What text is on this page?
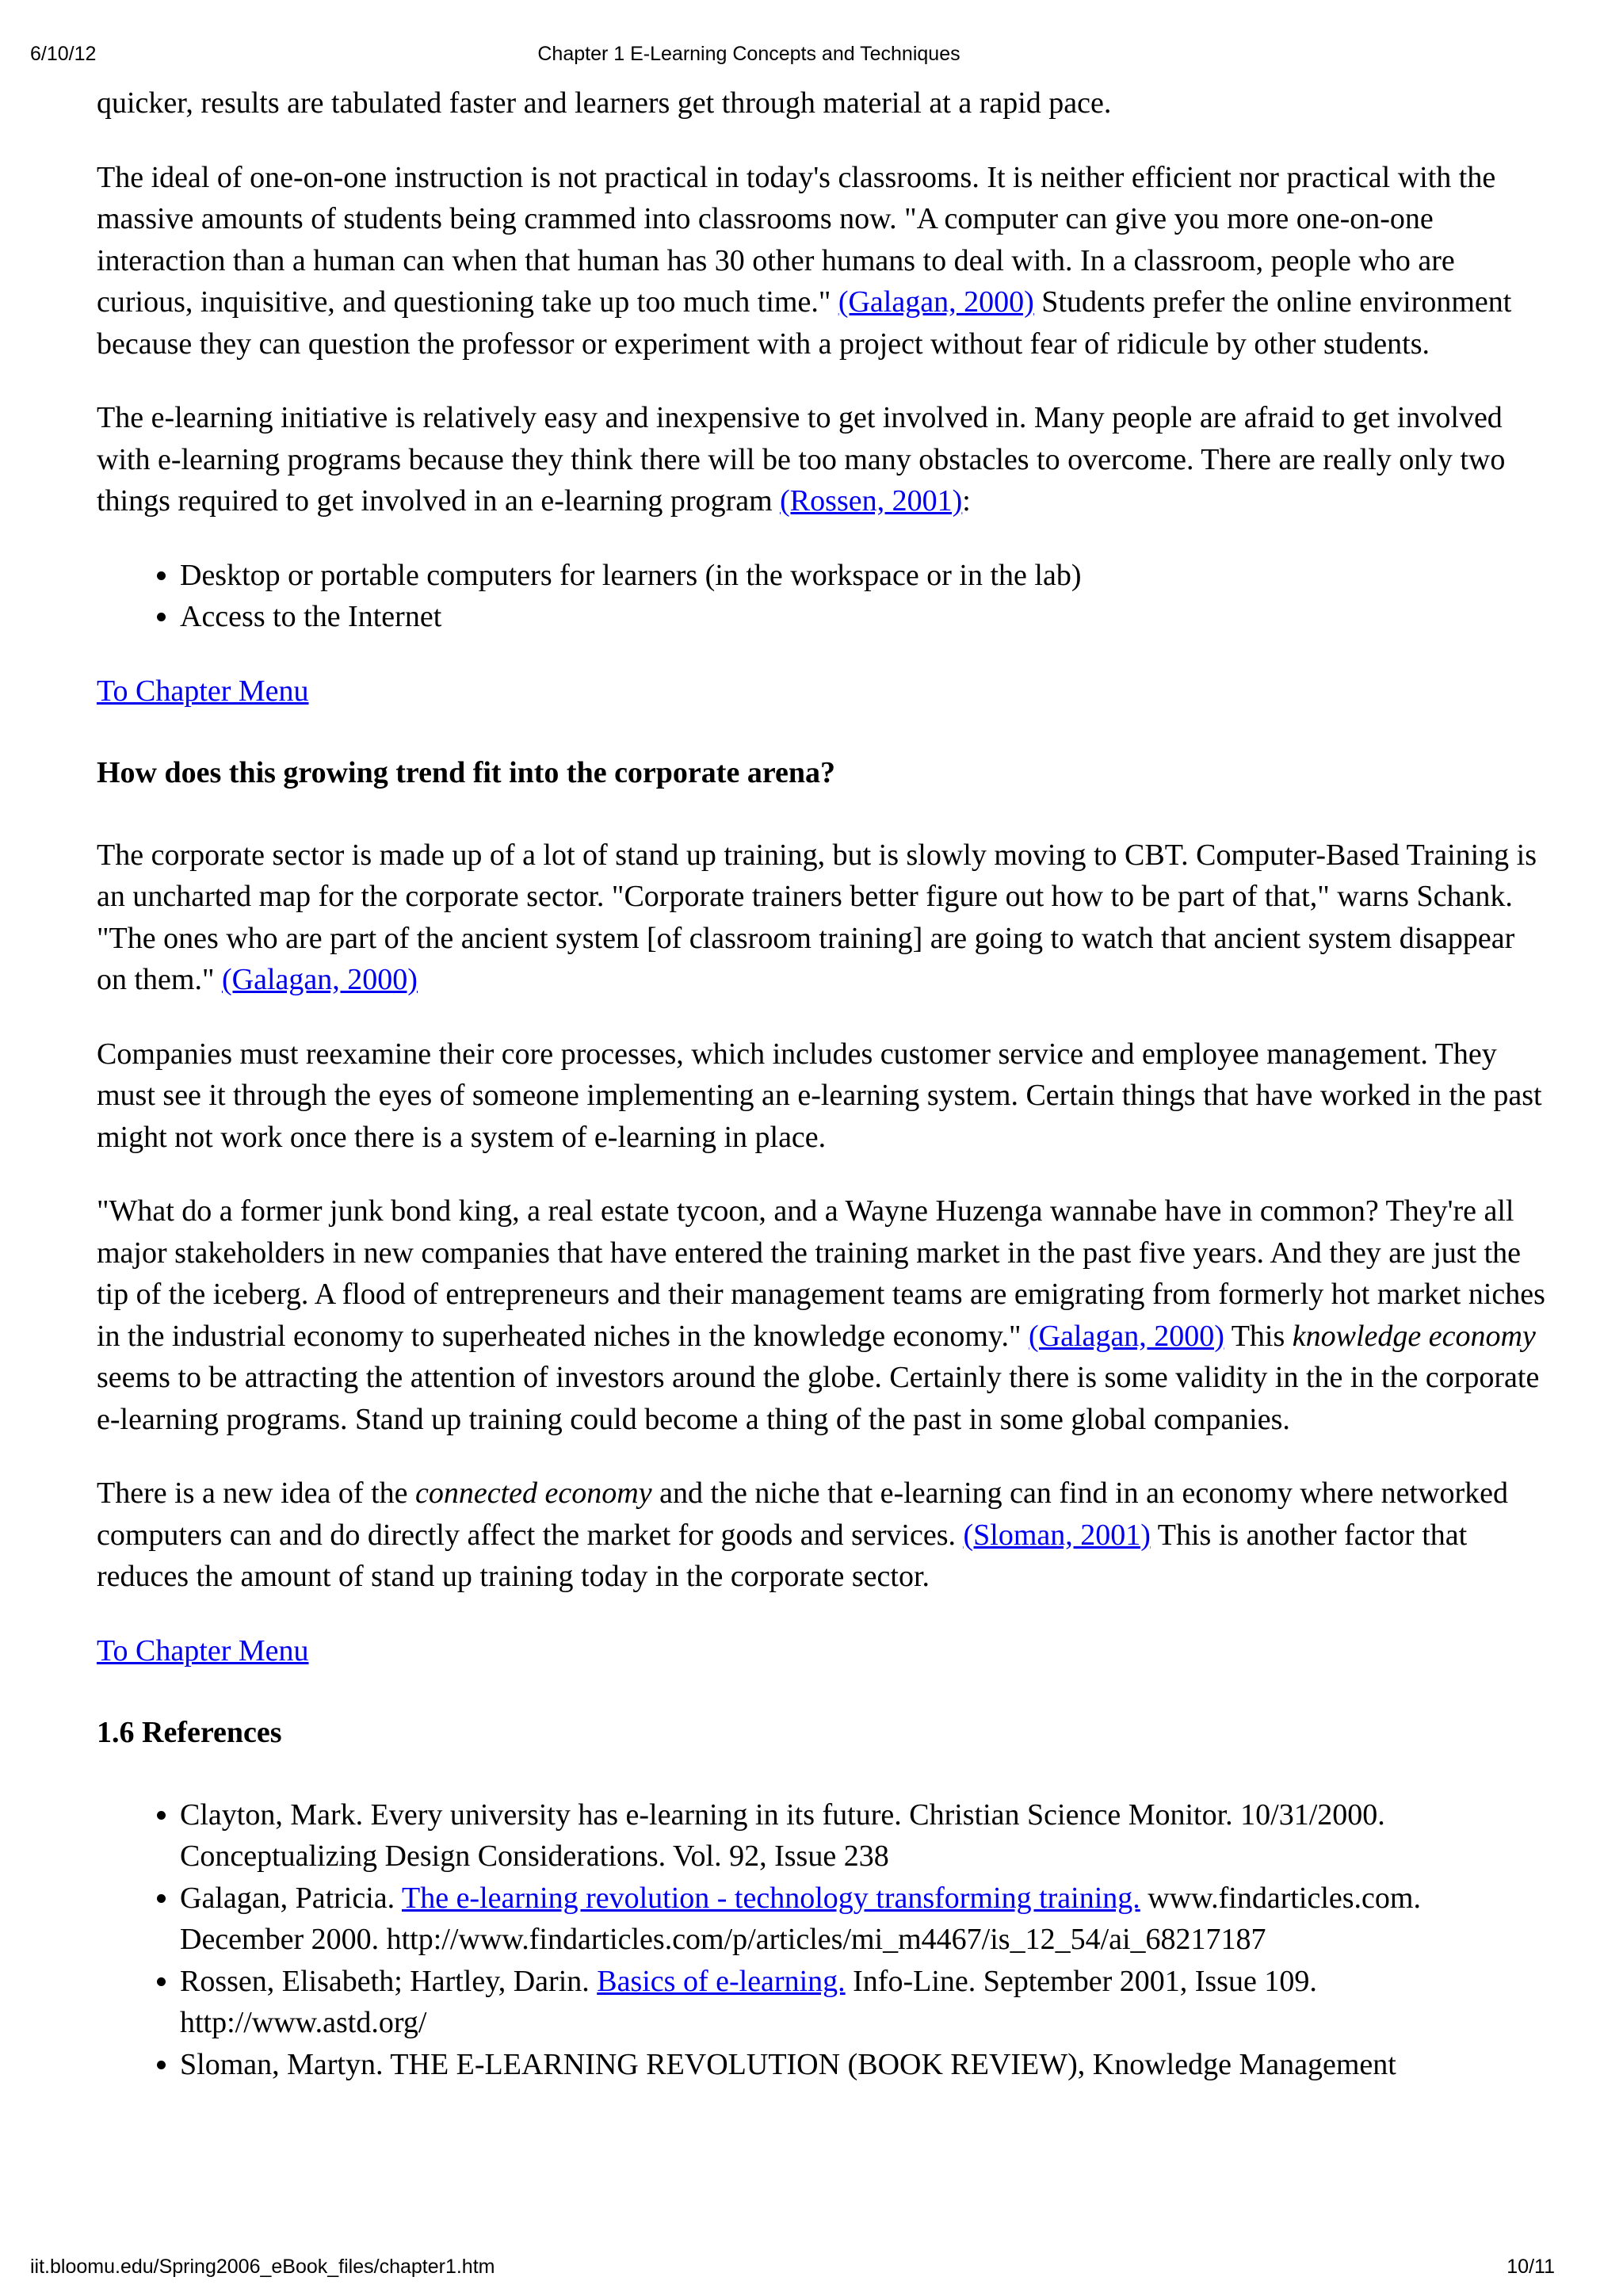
6/10/12	Chapter 1 E-Learning Concepts and Techniques

quicker, results are tabulated faster and learners get through material at a rapid pace.

The ideal of one-on-one instruction is not practical in today's classrooms. It is neither efficient nor practical with the massive amounts of students being crammed into classrooms now. "A computer can give you more one-on-one interaction than a human can when that human has 30 other humans to deal with. In a classroom, people who are curious, inquisitive, and questioning take up too much time." (Galagan, 2000) Students prefer the online environment because they can question the professor or experiment with a project without fear of ridicule by other students.

The e-learning initiative is relatively easy and inexpensive to get involved in. Many people are afraid to get involved with e-learning programs because they think there will be too many obstacles to overcome. There are really only two things required to get involved in an e-learning program (Rossen, 2001):

• Desktop or portable computers for learners (in the workspace or in the lab)
• Access to the Internet
To Chapter Menu
How does this growing trend fit into the corporate arena?

The corporate sector is made up of a lot of stand up training, but is slowly moving to CBT. Computer-Based Training is an uncharted map for the corporate sector. "Corporate trainers better figure out how to be part of that," warns Schank. "The ones who are part of the ancient system [of classroom training] are going to watch that ancient system disappear on them." (Galagan, 2000)

Companies must reexamine their core processes, which includes customer service and employee management. They must see it through the eyes of someone implementing an e-learning system. Certain things that have worked in the past might not work once there is a system of e-learning in place.

"What do a former junk bond king, a real estate tycoon, and a Wayne Huzenga wannabe have in common? They're all major stakeholders in new companies that have entered the training market in the past five years. And they are just the tip of the iceberg. A flood of entrepreneurs and their management teams are emigrating from formerly hot market niches in the industrial economy to superheated niches in the knowledge economy." (Galagan, 2000) This knowledge economy seems to be attracting the attention of investors around the globe. Certainly there is some validity in the in the corporate e-learning programs. Stand up training could become a thing of the past in some global companies.

There is a new idea of the connected economy and the niche that e-learning can find in an economy where networked computers can and do directly affect the market for goods and services. (Sloman, 2001) This is another factor that reduces the amount of stand up training today in the corporate sector.

To Chapter Menu
1.6 References
• Clayton, Mark. Every university has e-learning in its future. Christian Science Monitor. 10/31/2000. Conceptualizing Design Considerations. Vol. 92, Issue 238
• Galagan, Patricia. The e-learning revolution - technology transforming training. www.findarticles.com. December 2000. http://www.findarticles.com/p/articles/mi_m4467/is_12_54/ai_68217187
• Rossen, Elisabeth; Hartley, Darin. Basics of e-learning. Info-Line. September 2001, Issue 109. http://www.astd.org/
• Sloman, Martyn. THE E-LEARNING REVOLUTION (BOOK REVIEW), Knowledge Management
iit.bloomu.edu/Spring2006_eBook_files/chapter1.htm	10/11
